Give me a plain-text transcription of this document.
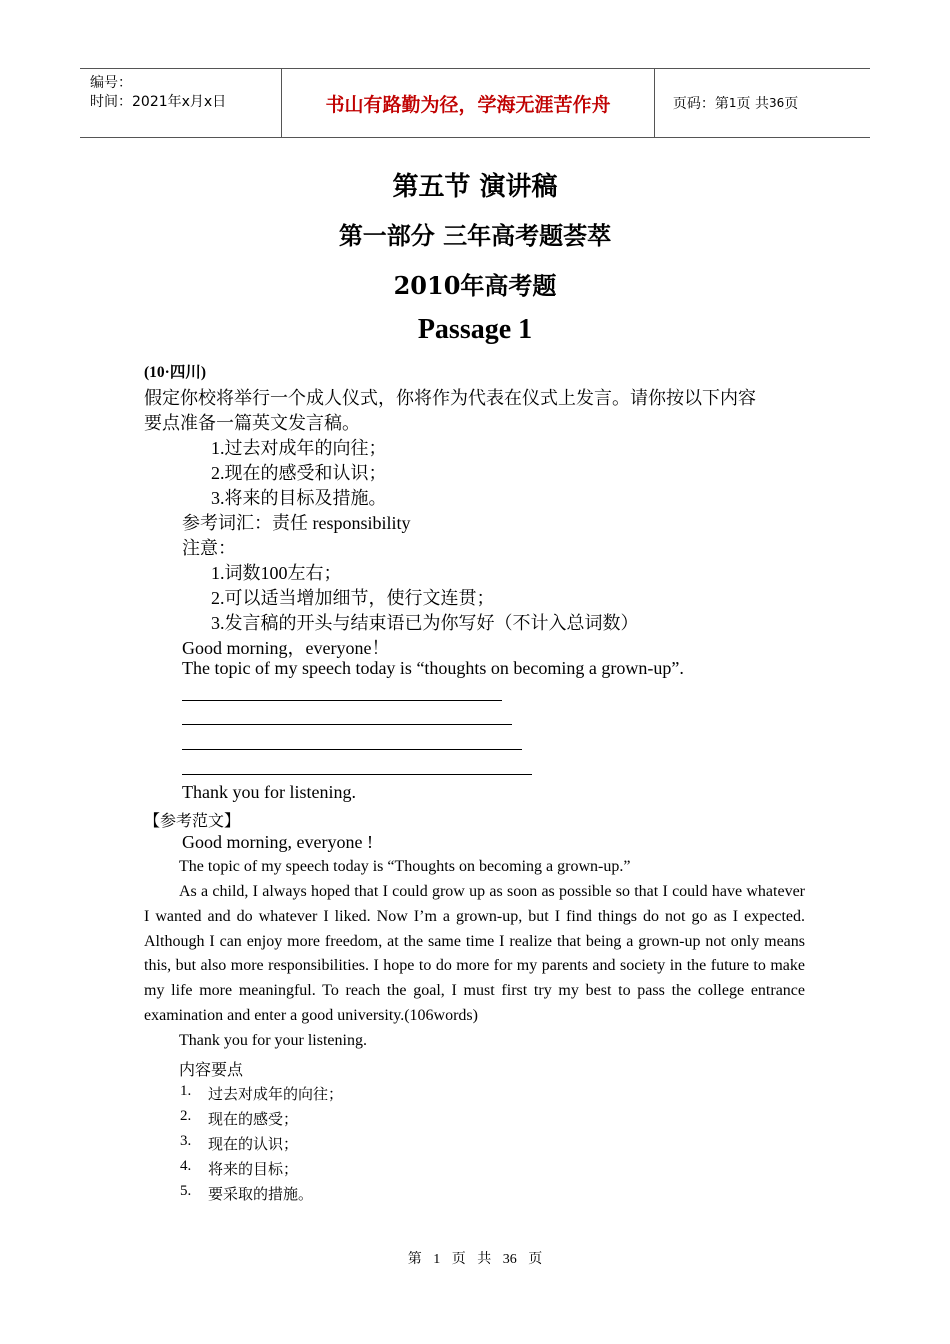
编号：
时间：2021年x月x日	书山有路勤为径，学海无涯苦作舟
	页码：第 1 页 共 36 页
第五节 演讲稿
第一部分 三年高考题荟萃
2010年高考题
Passage 1
(10·四川)
假定你校将举行一个成人仪式，你将作为代表在仪式上发言。请你按以下内容
要点准备一篇英文发言稿。
1.过去对成年的向往；
2.现在的感受和认识；
3.将来的目标及措施。
参考词汇：责任 responsibility
注意：
1.词数100左右；
2.可以适当增加细节，使行文连贯；
3.发言稿的开头与结束语已为你写好（不计入总词数）
Good morning，everyone！
The topic of my speech today is “thoughts on becoming a grown-up”.
Thank you for listening.
【参考范文】
Good morning, everyone !
The topic of my speech today is “Thoughts on becoming a grown-up.”
As a child, I always hoped that I could grow up as soon as possible so that I could have whatever I wanted and do whatever I liked. Now I’m a grown-up, but I find things do not go as I expected. Although I can enjoy more freedom, at the same time I realize that being a grown-up not only means this, but also more responsibilities. I hope to do more for my parents and society in the future to make my life more meaningful. To reach the goal, I must first try my best to pass the college entrance examination and enter a good university.(106words)
Thank you for your listening.
内容要点
1. 过去对成年的向往；
2. 现在的感受；
3. 现在的认识；
4. 将来的目标；
5. 要采取的措施。
第 1 页 共 36 页
